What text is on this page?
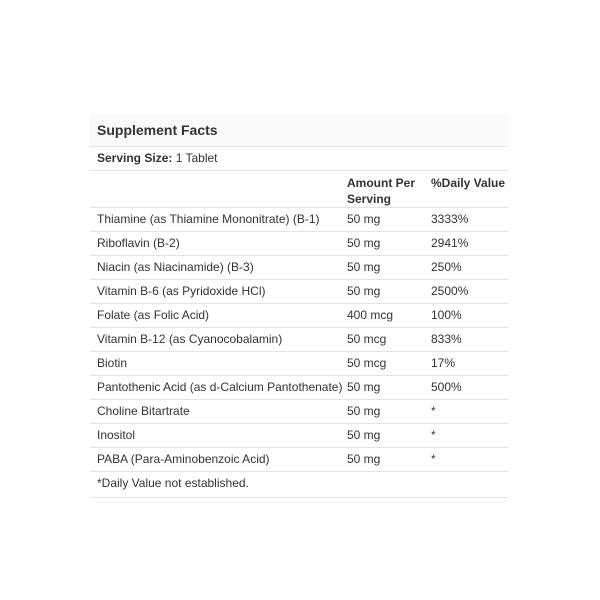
Supplement Facts
Serving Size: 1 Tablet
	Amount Per Serving	%Daily Value
Thiamine (as Thiamine Mononitrate) (B-1)	50 mg	3333%
Riboflavin (B-2)	50 mg	2941%
Niacin (as Niacinamide) (B-3)	50 mg	250%
Vitamin B-6 (as Pyridoxide HCl)	50 mg	2500%
Folate (as Folic Acid)	400 mcg	100%
Vitamin B-12 (as Cyanocobalamin)	50 mcg	833%
Biotin	50 mcg	17%
Pantothenic Acid (as d-Calcium Pantothenate)	50 mg	500%
Choline Bitartrate	50 mg	*
Inositol	50 mg	*
PABA (Para-Aminobenzoic Acid)	50 mg	*
*Daily Value not established.
